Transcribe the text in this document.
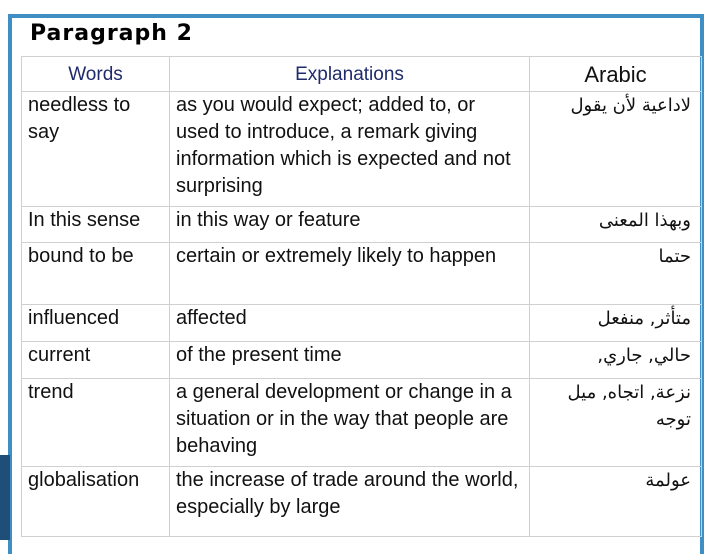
Paragraph 2
Words	Explanations	Arabic
needless to say	as you would expect; added to, or used to introduce, a remark giving information which is expected and not surprising	لاداعية لأن يقول
In this sense	in this way or feature	وبهذا المعنى
bound to be	certain or extremely likely to happen	حتما
influenced	affected	متأثر, منفعل
current	of the present time	حالي, جاري,
trend	a general development or change in a situation or in the way that people are behaving	نزعة, اتجاه, ميل توجه
globalisation	the increase of trade around the world, especially by large	عولمة
